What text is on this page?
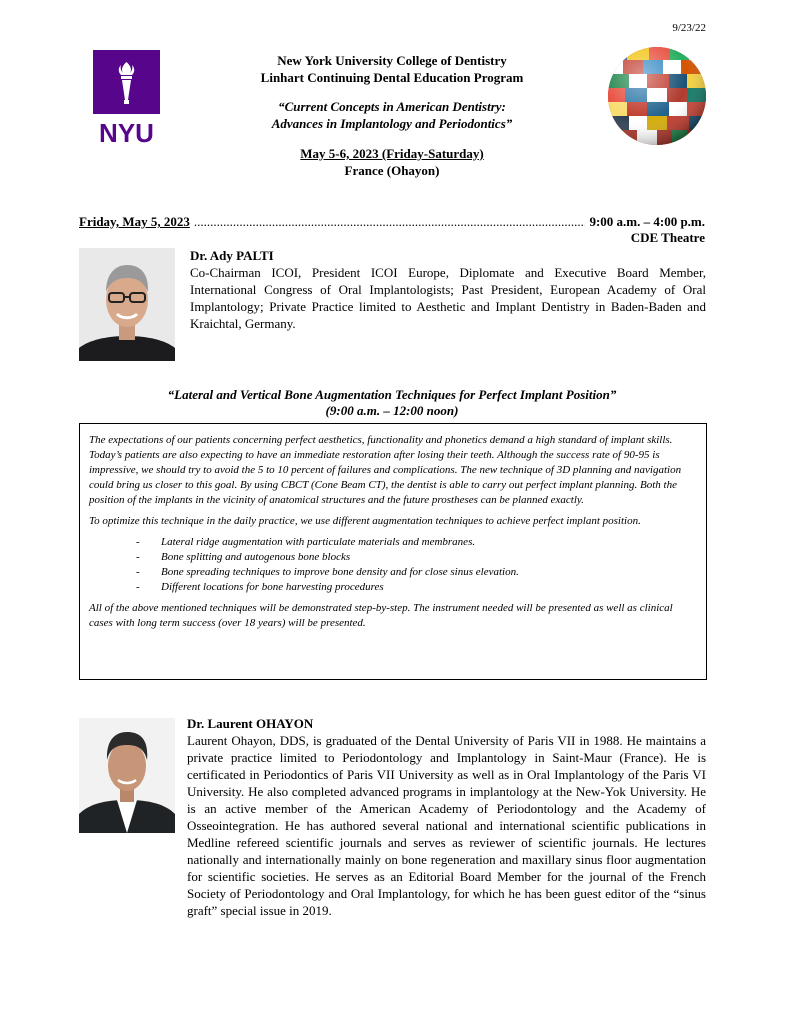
9/23/22
NYU
New York University College of Dentistry
Linhart Continuing Dental Education Program
“Current Concepts in American Dentistry:
Advances in Implantology and Periodontics”
May 5-6, 2023 (Friday-Saturday)
France (Ohayon)
Friday, May 5, 2023
.....	9:00 a.m. – 4:00 p.m.
CDE Theatre
Dr. Ady PALTI
Co-Chairman ICOI, President ICOI Europe, Diplomate and Executive Board Member, International Congress of Oral Implantologists; Past President, European Academy of Oral Implantology; Private Practice limited to Aesthetic and Implant Dentistry in Baden-Baden and Kraichtal, Germany.
“Lateral and Vertical Bone Augmentation Techniques for Perfect Implant Position”
(9:00 a.m. – 12:00 noon)

The expectations of our patients concerning perfect aesthetics, functionality and phonetics demand a high standard of implant skills. Today’s patients are also expecting to have an immediate restoration after losing their teeth. Although the success rate of 90-95 is impressive, we should try to avoid the 5 to 10 percent of failures and complications. The new technique of 3D planning and navigation could bring us closer to this goal. By using CBCT (Cone Beam CT), the dentist is able to carry out perfect implant planning. Both the position of the implants in the vicinity of anatomical structures and the future prostheses can be planned exactly.

To optimize this technique in the daily practice, we use different augmentation techniques to achieve perfect implant position.

- Lateral ridge augmentation with particulate materials and membranes.
- Bone splitting and autogenous bone blocks
- Bone spreading techniques to improve bone density and for close sinus elevation.
- Different locations for bone harvesting procedures

All of the above mentioned techniques will be demonstrated step-by-step. The instrument needed will be presented as well as clinical cases with long term success (over 18 years) will be presented.

Dr. Laurent OHAYON
Laurent Ohayon, DDS, is graduated of the Dental University of Paris VII in 1988. He maintains a private practice limited to Periodontology and Implantology in Saint-Maur (France). He is certificated in Periodontics of Paris VII University as well as in Oral Implantology of the Paris VI University. He also completed advanced programs in implantology at the New-Yok University. He is an active member of the American Academy of Periodontology and the Academy of Osseointegration. He has authored several national and international scientific publications in Medline refereed scientific journals and serves as reviewer of scientific journals. He lectures nationally and internationally mainly on bone regeneration and maxillary sinus floor augmentation for scientific societies. He serves as an Editorial Board Member for the journal of the French Society of Periodontology and Oral Implantology, for which he has been guest editor of the “sinus graft” special issue in 2019.
